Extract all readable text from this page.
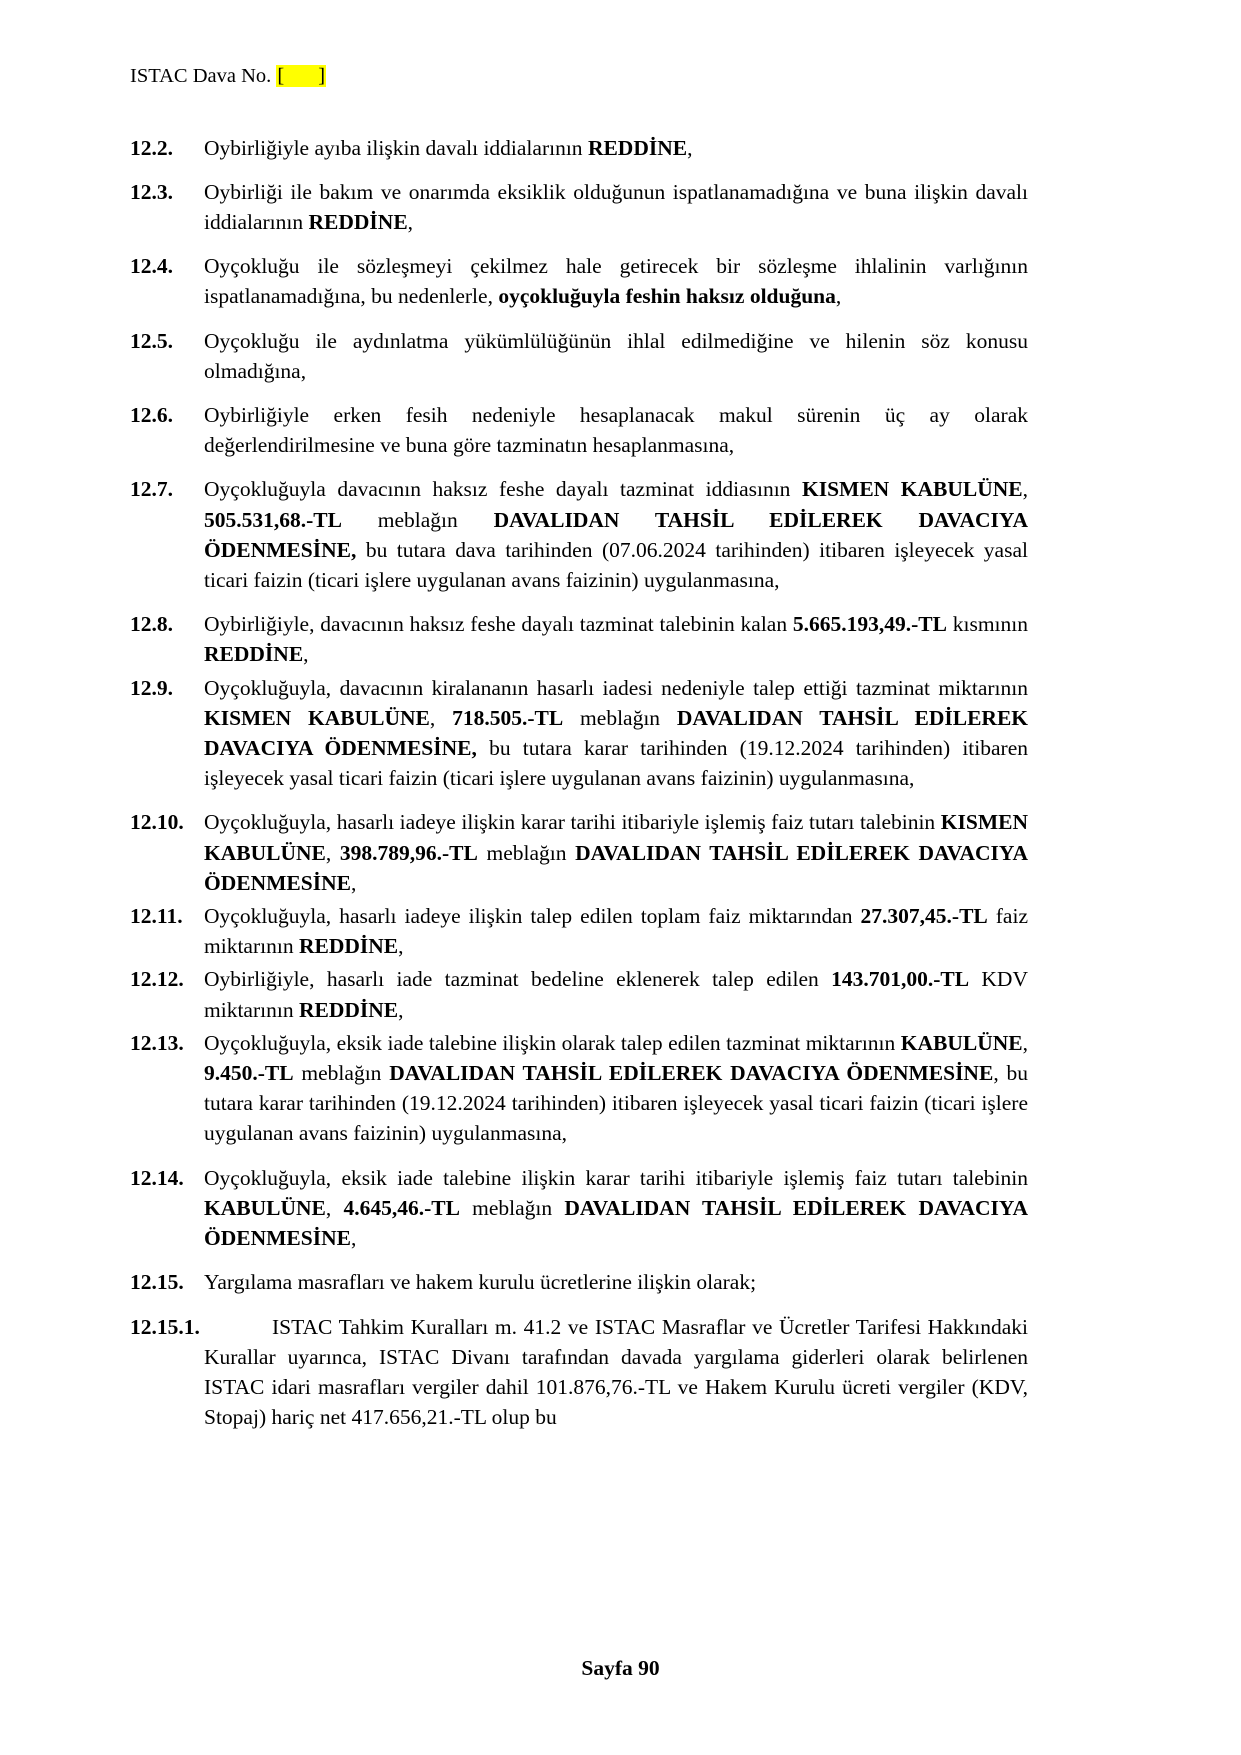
ISTAC Dava No. [ ]
12.2.	Oybirliğiyle ayıba ilişkin davalı iddialarının REDDİNE,
12.3.	Oybirliği ile bakım ve onarımda eksiklik olduğunun ispatlanamadığına ve buna ilişkin davalı iddialarının REDDİNE,
12.4.	Oyçokluğu ile sözleşmeyi çekilmez hale getirecek bir sözleşme ihlalinin varlığının ispatlanamadığına, bu nedenlerle, oyçokluğuyla feshin haksız olduğuna,
12.5.	Oyçokluğu ile aydınlatma yükümlülüğünün ihlal edilmediğine ve hilenin söz konusu olmadığına,
12.6.	Oybirliğiyle erken fesih nedeniyle hesaplanacak makul sürenin üç ay olarak değerlendirilmesine ve buna göre tazminatın hesaplanmasına,
12.7.	Oyçokluğuyla davacının haksız feshe dayalı tazminat iddiasının KISMEN KABULÜNE, 505.531,68.-TL meblağın DAVALIDAN TAHSİL EDİLEREK DAVACIYA ÖDENMESİNE, bu tutara dava tarihinden (07.06.2024 tarihinden) itibaren işleyecek yasal ticari faizin (ticari işlere uygulanan avans faizinin) uygulanmasına,
12.8.	Oybirliğiyle, davacının haksız feshe dayalı tazminat talebinin kalan 5.665.193,49.-TL kısmının REDDİNE,
12.9.	Oyçokluğuyla, davacının kiralananın hasarlı iadesi nedeniyle talep ettiği tazminat miktarının KISMEN KABULÜNE, 718.505.-TL meblağın DAVALIDAN TAHSİL EDİLEREK DAVACIYA ÖDENMESİNE, bu tutara karar tarihinden (19.12.2024 tarihinden) itibaren işleyecek yasal ticari faizin (ticari işlere uygulanan avans faizinin) uygulanmasına,
12.10. Oyçokluğuyla, hasarlı iadeye ilişkin karar tarihi itibariyle işlemiş faiz tutarı talebinin KISMEN KABULÜNE, 398.789,96.-TL meblağın DAVALIDAN TAHSİL EDİLEREK DAVACIYA ÖDENMESİNE,
12.11. Oyçokluğuyla, hasarlı iadeye ilişkin talep edilen toplam faiz miktarından 27.307,45.-TL faiz miktarının REDDİNE,
12.12. Oybirliğiyle, hasarlı iade tazminat bedeline eklenerek talep edilen 143.701,00.-TL KDV miktarının REDDİNE,
12.13. Oyçokluğuyla, eksik iade talebine ilişkin olarak talep edilen tazminat miktarının KABULÜNE, 9.450.-TL meblağın DAVALIDAN TAHSİL EDİLEREK DAVACIYA ÖDENMESİNE, bu tutara karar tarihinden (19.12.2024 tarihinden) itibaren işleyecek yasal ticari faizin (ticari işlere uygulanan avans faizinin) uygulanmasına,
12.14. Oyçokluğuyla, eksik iade talebine ilişkin karar tarihi itibariyle işlemiş faiz tutarı talebinin KABULÜNE, 4.645,46.-TL meblağın DAVALIDAN TAHSİL EDİLEREK DAVACIYA ÖDENMESİNE,
12.15. Yargılama masrafları ve hakem kurulu ücretlerine ilişkin olarak;
12.15.1.	ISTAC Tahkim Kuralları m. 41.2 ve ISTAC Masraflar ve Ücretler Tarifesi Hakkındaki Kurallar uyarınca, ISTAC Divanı tarafından davada yargılama giderleri olarak belirlenen ISTAC idari masrafları vergiler dahil 101.876,76.-TL ve Hakem Kurulu ücreti vergiler (KDV, Stopaj) hariç net 417.656,21.-TL olup bu
Sayfa 90
